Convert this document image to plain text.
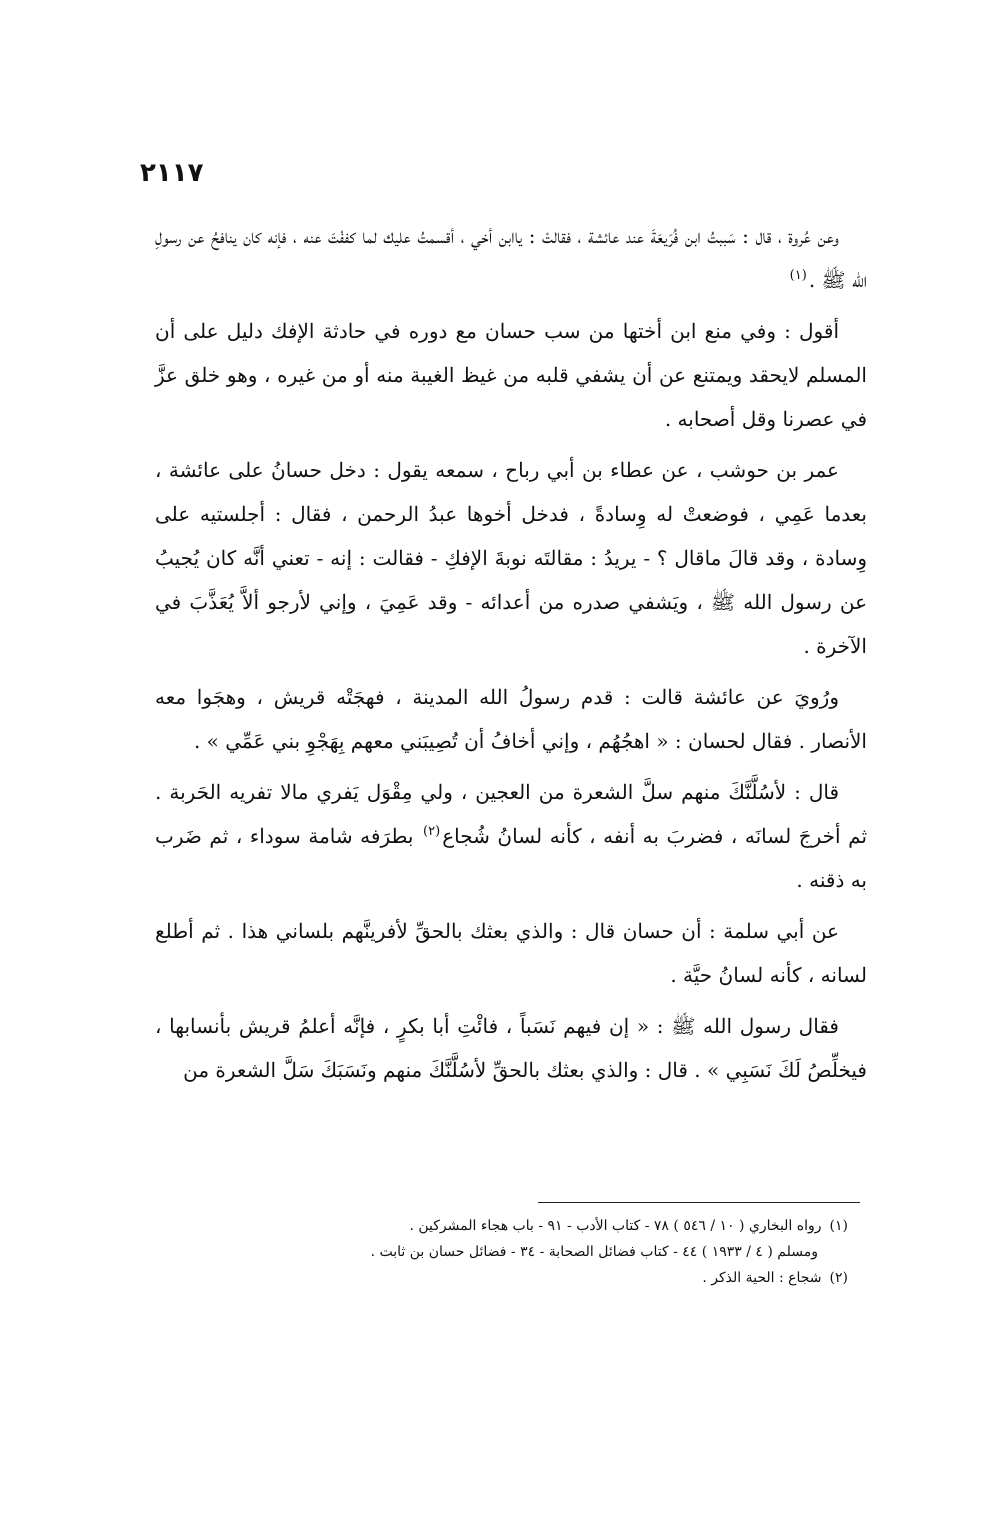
٢١١٧

وعن عُروة ، قال : سَببتُ ابن فُرَيعَةَ عند عائشة ، فقالتْ : ياابن أخي ، أقسمتُ عليك لما كففْتَ عنه ، فإنه كان ينافحُ عن رسولِ الله ﷺ .$^{(١)}$

أقول : وفي منع ابن أختها من سب حسان مع دوره في حادثة الإفك دليل على أن المسلم لايحقد ويمتنع عن أن يشفي قلبه من غيظ الغيبة منه أو من غيره ، وهو خلق عزَّ في عصرنا وقل أصحابه .

عمر بن حوشب ، عن عطاء بن أبي رباح ، سمعه يقول : دخل حسانُ على عائشة ، بعدما عَمِي ، فوضعتْ له وِسادةً ، فدخل أخوها عبدُ الرحمن ، فقال : أجلستيه على وِسادة ، وقد قالَ ماقال ؟ - يريدُ : مقالتَه نوبةَ الإفكِ - فقالت : إنه - تعني أنَّه كان يُجيبُ عن رسول الله ﷺ ، ويَشفي صدره من أعدائه - وقد عَمِيَ ، وإني لأرجو ألاَّ يُعَذَّبَ في الآخرة .

ورُويَ عن عائشة قالت : قدم رسولُ الله المدينة ، فهجَتْه قريش ، وهجَوا معه الأنصار . فقال لحسان : « اهجُهُم ، وإني أخافُ أن تُصِيبَني معهم بِهَجْوِ بني عَمِّي » .

قال : لأسُلَّنَّكَ منهم سلَّ الشعرة من العجين ، ولي مِقْوَل يَفري مالا تفريه الحَربة . ثم أخرجَ لسانَه ، فضربَ به أنفه ، كأنه لسانُ شُجاع$^{(٢)}$ بطرَفه شامة سوداء ، ثم ضَرب به ذقنه .

عن أبي سلمة : أن حسان قال : والذي بعثك بالحقِّ لأفرينَّهم بلساني هذا . ثم أطلع لسانه ، كأنه لسانُ حيَّة .

فقال رسول الله ﷺ : « إن فيهم نَسَباً ، فائْتِ أبا بكرٍ ، فإنَّه أعلمُ قريش بأنسابها ، فيخلِّصُ لَكَ نَسَبِي » . قال : والذي بعثك بالحقِّ لأسُلَّنَّكَ منهم ونَسَبَكَ سَلَّ الشعرة من

(١)رواه البخاري ( ١٠ / ٥٤٦ ) ٧٨ - كتاب الأدب - ٩١ - باب هجاء المشركين .

ومسلم ( ٤ / ١٩٣٣ ) ٤٤ - كتاب فضائل الصحابة - ٣٤ - فضائل حسان بن ثابت .

(٢)شجاع : الحية الذكر .
